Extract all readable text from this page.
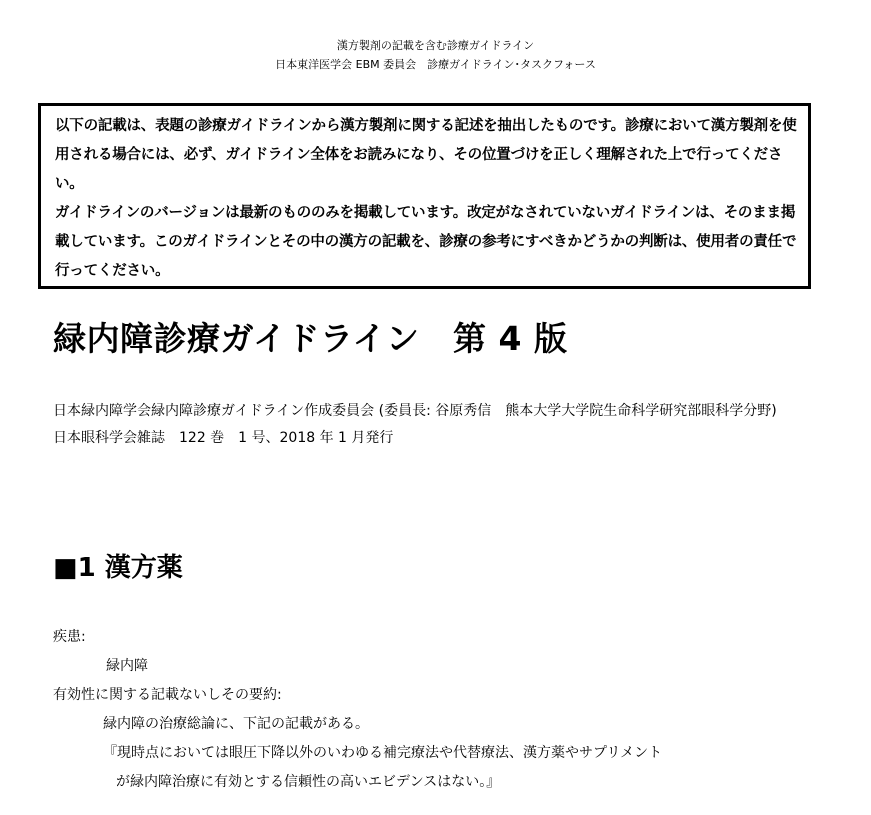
漢方製剤の記載を含む診療ガイドライン
日本東洋医学会 EBM 委員会　診療ガイドライン･タスクフォース

以下の記載は、表題の診療ガイドラインから漢方製剤に関する記述を抽出したものです。診療において漢方製剤を使用される場合には、必ず、ガイドライン全体をお読みになり、その位置づけを正しく理解された上で行ってください。

ガイドラインのバージョンは最新のもののみを掲載しています。改定がなされていないガイドラインは、そのまま掲載しています。このガイドラインとその中の漢方の記載を、診療の参考にすべきかどうかの判断は、使用者の責任で行ってください。

緑内障診療ガイドライン　第 4 版

日本緑内障学会緑内障診療ガイドライン作成委員会 (委員長: 谷原秀信　熊本大学大学院生命科学研究部眼科学分野)

日本眼科学会雑誌　122 巻　1 号、2018 年 1 月発行

■1 漢方薬

疾患:

緑内障

有効性に関する記載ないしその要約:

緑内障の治療総論に、下記の記載がある。

『現時点においては眼圧下降以外のいわゆる補完療法や代替療法、漢方薬やサプリメント

が緑内障治療に有効とする信頼性の高いエビデンスはない。』
